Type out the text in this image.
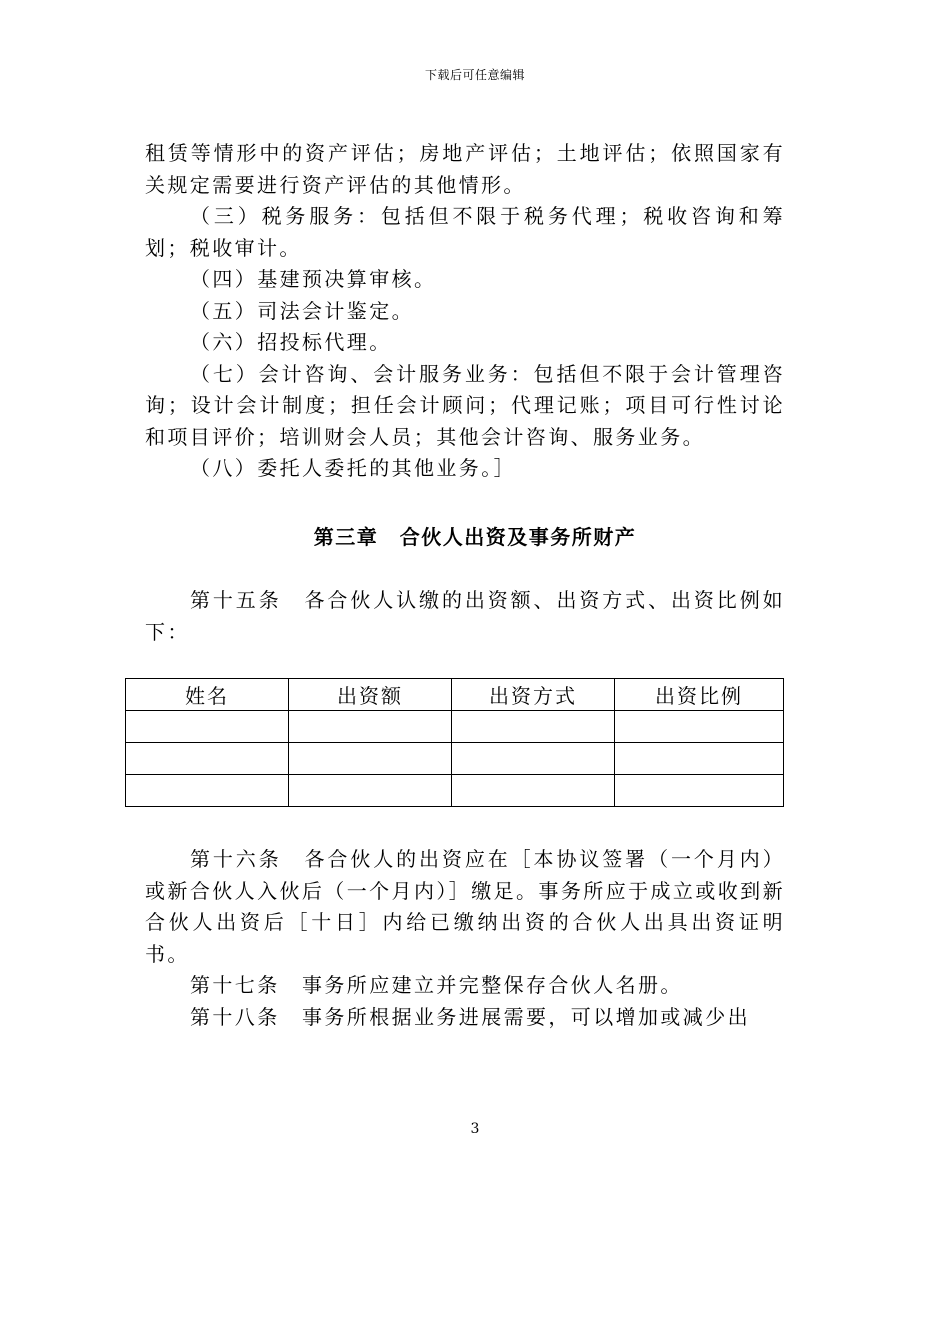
下载后可任意编辑

租赁等情形中的资产评估；房地产评估；土地评估；依照国家有关规定需要进行资产评估的其他情形。

（三）税务服务：包括但不限于税务代理；税收咨询和筹划；税收审计。

（四）基建预决算审核。

（五）司法会计鉴定。

（六）招投标代理。

（七）会计咨询、会计服务业务：包括但不限于会计管理咨询；设计会计制度；担任会计顾问；代理记账；项目可行性讨论和项目评价；培训财会人员；其他会计咨询、服务业务。

（八）委托人委托的其他业务。］

第三章　合伙人出资及事务所财产

第十五条　各合伙人认缴的出资额、出资方式、出资比例如下：

姓名	出资额	出资方式	出资比例

第十六条　各合伙人的出资应在［本协议签署（一个月内）或新合伙人入伙后（一个月内）］缴足。事务所应于成立或收到新合伙人出资后［十日］内给已缴纳出资的合伙人出具出资证明书。

第十七条　事务所应建立并完整保存合伙人名册。

第十八条　事务所根据业务进展需要，可以增加或减少出

3
